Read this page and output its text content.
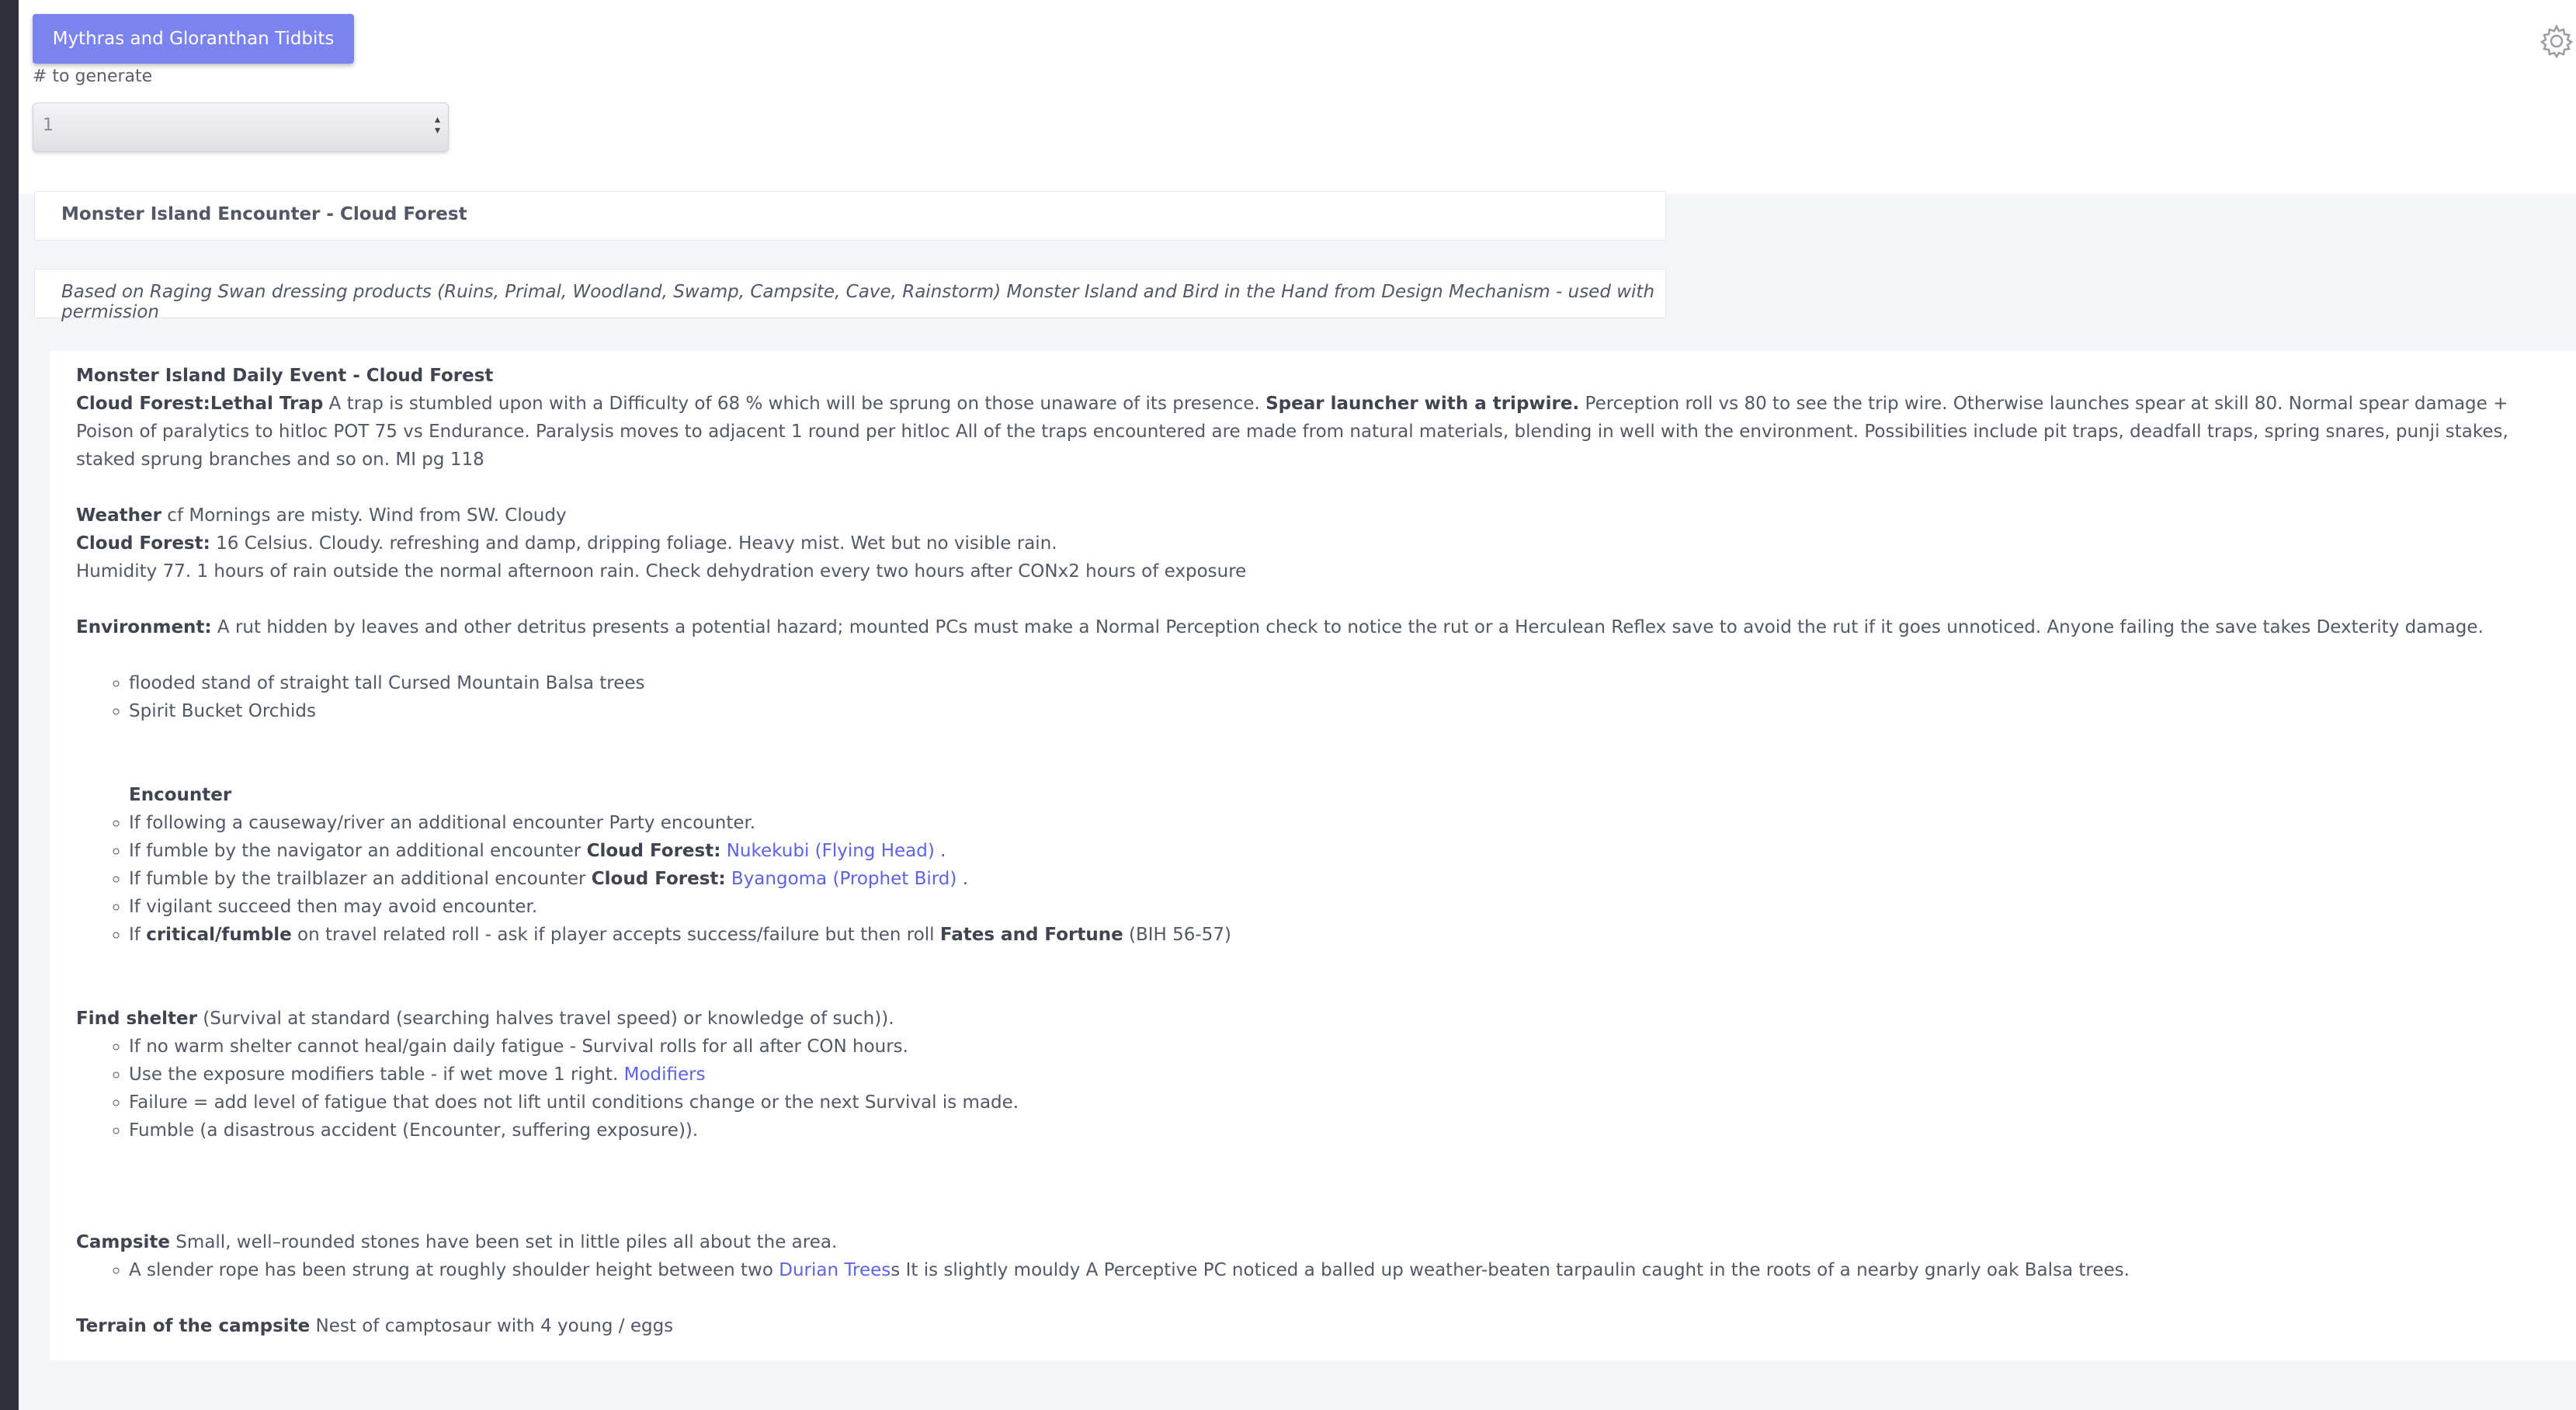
Mythras and Gloranthan Tidbits
# to generate
1	▴
▾
Monster Island Encounter - Cloud Forest
Based on Raging Swan dressing products (Ruins, Primal, Woodland, Swamp, Campsite, Cave, Rainstorm) Monster Island and Bird in the Hand from Design Mechanism - used with permission

Monster Island Daily Event - Cloud Forest

Cloud Forest:Lethal Trap A trap is stumbled upon with a Difficulty of 68 % which will be sprung on those unaware of its presence. Spear launcher with a tripwire. Perception roll vs 80 to see the trip wire. Otherwise launches spear at skill 80. Normal spear damage + Poison of paralytics to hitloc POT 75 vs Endurance. Paralysis moves to adjacent 1 round per hitloc All of the traps encountered are made from natural materials, blending in well with the environment. Possibilities include pit traps, deadfall traps, spring snares, punji stakes, staked sprung branches and so on. MI pg 118

Weather cf Mornings are misty. Wind from SW. Cloudy

Cloud Forest: 16 Celsius. Cloudy. refreshing and damp, dripping foliage. Heavy mist. Wet but no visible rain.

Humidity 77. 1 hours of rain outside the normal afternoon rain. Check dehydration every two hours after CONx2 hours of exposure

Environment: A rut hidden by leaves and other detritus presents a potential hazard; mounted PCs must make a Normal Perception check to notice the rut or a Herculean Reflex save to avoid the rut if it goes unnoticed. Anyone failing the save takes Dexterity damage.

◦ flooded stand of straight tall Cursed Mountain Balsa trees
◦ Spirit Bucket Orchids

Encounter

◦ If following a causeway/river an additional encounter Party encounter.
◦ If fumble by the navigator an additional encounter Cloud Forest: Nukekubi (Flying Head) .
◦ If fumble by the trailblazer an additional encounter Cloud Forest: Byangoma (Prophet Bird) .
◦ If vigilant succeed then may avoid encounter.
◦ If critical/fumble on travel related roll - ask if player accepts success/failure but then roll Fates and Fortune (BIH 56-57)

Find shelter (Survival at standard (searching halves travel speed) or knowledge of such)).

◦ If no warm shelter cannot heal/gain daily fatigue - Survival rolls for all after CON hours.
◦ Use the exposure modifiers table - if wet move 1 right. Modifiers
◦ Failure = add level of fatigue that does not lift until conditions change or the next Survival is made.
◦ Fumble (a disastrous accident (Encounter, suffering exposure)).

Campsite Small, well–rounded stones have been set in little piles all about the area.

◦ A slender rope has been strung at roughly shoulder height between two Durian Treess It is slightly mouldy A Perceptive PC noticed a balled up weather-beaten tarpaulin caught in the roots of a nearby gnarly oak Balsa trees.

Terrain of the campsite Nest of camptosaur with 4 young / eggs
